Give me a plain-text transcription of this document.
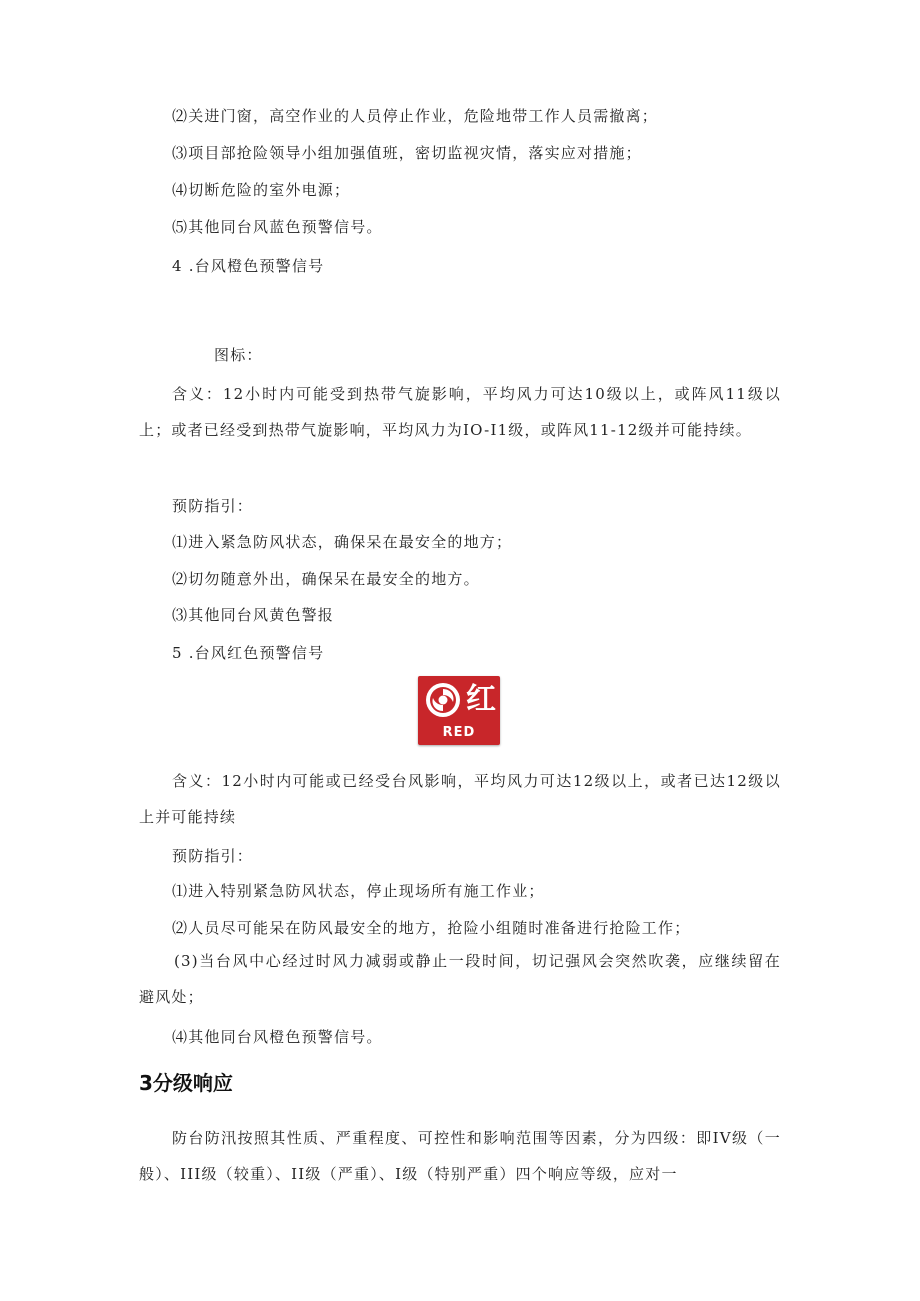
⑵关进门窗，高空作业的人员停止作业，危险地带工作人员需撤离；
⑶项目部抢险领导小组加强值班，密切监视灾情，落实应对措施；
⑷切断危险的室外电源；
⑸其他同台风蓝色预警信号。
4 .台风橙色预警信号
图标：
含义：12小时内可能受到热带气旋影响，平均风力可达10级以上，或阵风11级以上；或者已经受到热带气旋影响，平均风力为IO-I1级，或阵风11-12级并可能持续。
预防指引：
⑴进入紧急防风状态，确保呆在最安全的地方；
⑵切勿随意外出，确保呆在最安全的地方。
⑶其他同台风黄色警报
5 .台风红色预警信号
红
RED
含义：12小时内可能或已经受台风影响，平均风力可达12级以上，或者已达12级以上并可能持续
预防指引：
⑴进入特别紧急防风状态，停止现场所有施工作业；
⑵人员尽可能呆在防风最安全的地方，抢险小组随时准备进行抢险工作；
(3)当台风中心经过时风力减弱或静止一段时间，切记强风会突然吹袭，应继续留在避风处；
⑷其他同台风橙色预警信号。
3分级响应
防台防汛按照其性质、严重程度、可控性和影响范围等因素，分为四级：即IV级（一般）、III级（较重）、II级（严重）、I级（特别严重）四个响应等级，应对一
